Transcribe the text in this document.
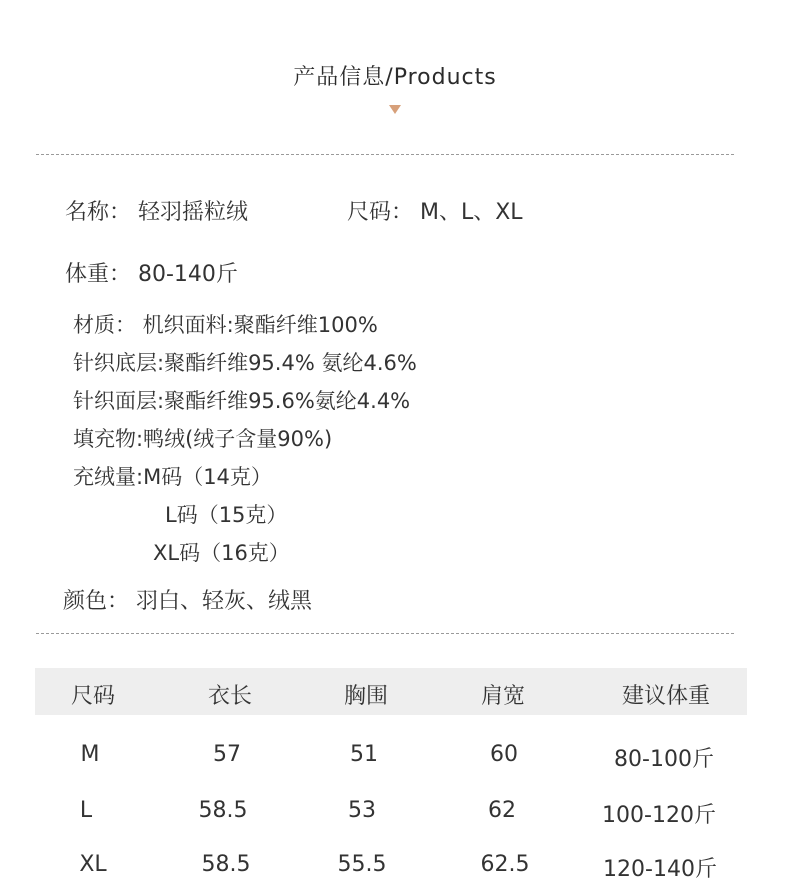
产品信息/Products
名称： 轻羽摇粒绒	尺码： M、L、XL
体重： 80-140斤
材质： 机织面料:聚酯纤维100%
针织底层:聚酯纤维95.4% 氨纶4.6%
针织面层:聚酯纤维95.6%氨纶4.4%
填充物:鸭绒(绒子含量90%)
充绒量:M码（14克）
L码（15克）
XL码（16克）
颜色： 羽白、轻灰、绒黑
尺码	衣长	胸围	肩宽	建议体重
M	57	51	60	80-100斤
L	58.5	53	62	100-120斤
XL	58.5	55.5	62.5	120-140斤
